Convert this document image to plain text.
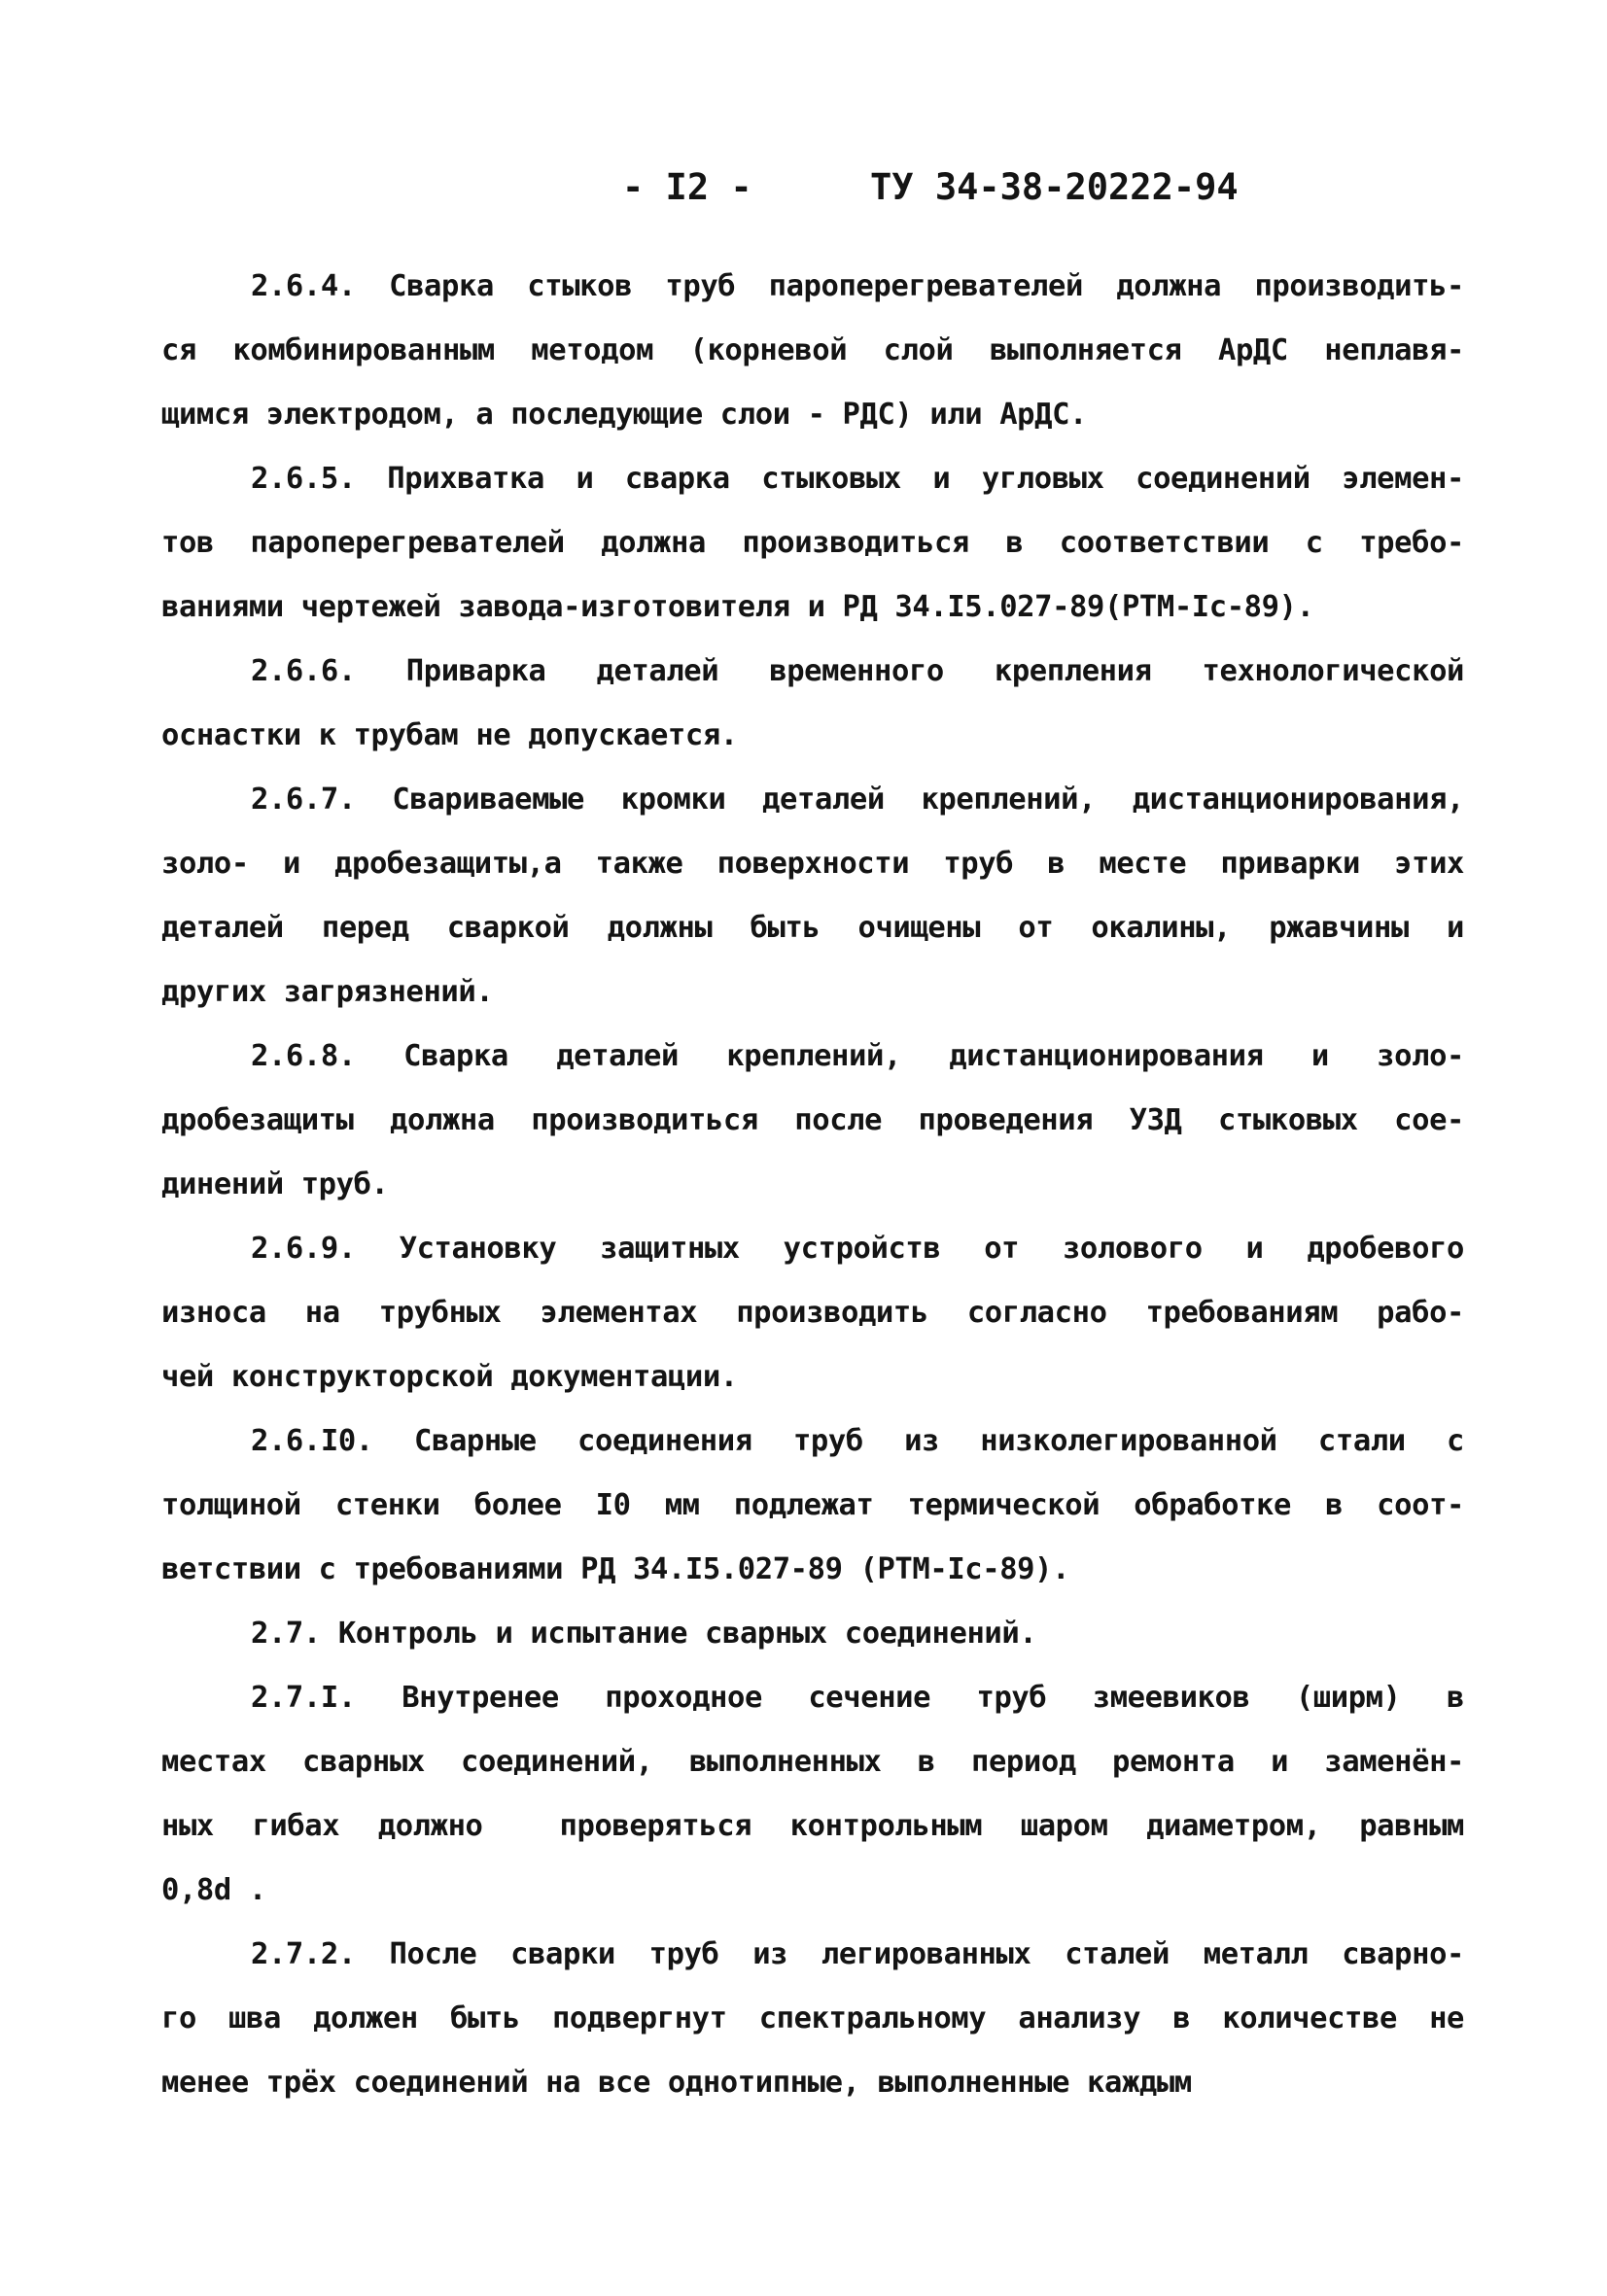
- I2 -	ТУ 34-38-20222-94
2.6.4. Сварка стыков труб пароперегревателей должна производить-
ся комбинированным методом (корневой слой выполняется АрДС неплавя-
щимся электродом, а последующие слои - РДС) или АрДС.
2.6.5. Прихватка и сварка стыковых и угловых соединений элемен-
тов пароперегревателей должна производиться в соответствии с требо-
ваниями чертежей завода-изготовителя и РД 34.I5.027-89(РТМ-Iс-89).
2.6.6. Приварка деталей временного крепления технологической
оснастки к трубам не допускается.
2.6.7. Свариваемые кромки деталей креплений, дистанционирования,
золо- и дробезащиты,а также поверхности труб в месте приварки этих
деталей перед сваркой должны быть очищены от окалины, ржавчины и
других загрязнений.
2.6.8. Сварка деталей креплений, дистанционирования и золо-
дробезащиты должна производиться после проведения УЗД стыковых сое-
динений труб.
2.6.9. Установку защитных устройств от золового и дробевого
износа на трубных элементах производить согласно требованиям рабо-
чей конструкторской документации.
2.6.I0. Сварные соединения труб из низколегированной стали с
толщиной стенки более I0 мм подлежат термической обработке в соот-
ветствии с требованиями РД 34.I5.027-89 (РТМ-Iс-89).
2.7. Контроль и испытание сварных соединений.
2.7.I. Внутренее проходное сечение труб змеевиков (ширм) в
местах сварных соединений, выполненных в период ремонта и заменён-
ных гибах должно  проверяться контрольным шаром диаметром, равным
0,8d .
2.7.2. После сварки труб из легированных сталей металл сварно-
го шва должен быть подвергнут спектральному анализу в количестве не
менее трёх соединений на все однотипные, выполненные каждым
